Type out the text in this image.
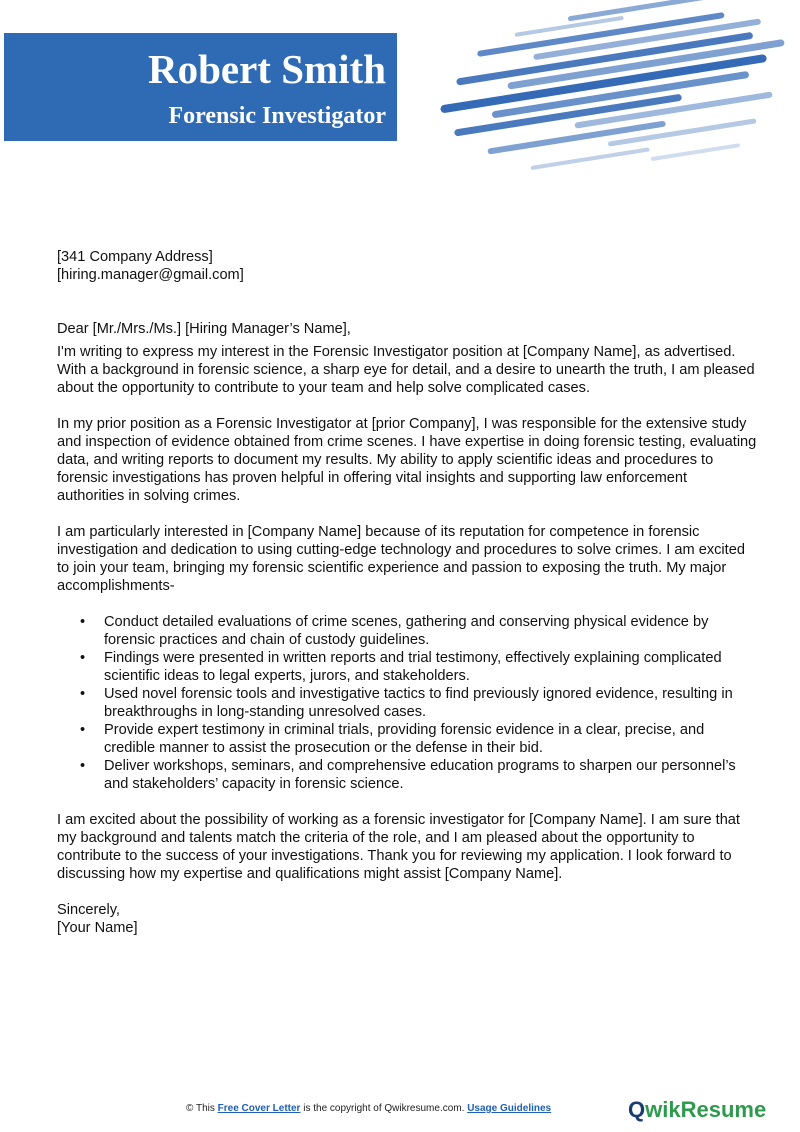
Robert Smith
Forensic Investigator

[341 Company Address]
[hiring.manager@gmail.com]

Dear [Mr./Mrs./Ms.] [Hiring Manager’s Name],

I'm writing to express my interest in the Forensic Investigator position at [Company Name], as advertised. With a background in forensic science, a sharp eye for detail, and a desire to unearth the truth, I am pleased about the opportunity to contribute to your team and help solve complicated cases.

In my prior position as a Forensic Investigator at [prior Company], I was responsible for the extensive study and inspection of evidence obtained from crime scenes. I have expertise in doing forensic testing, evaluating data, and writing reports to document my results. My ability to apply scientific ideas and procedures to forensic investigations has proven helpful in offering vital insights and supporting law enforcement authorities in solving crimes.

I am particularly interested in [Company Name] because of its reputation for competence in forensic investigation and dedication to using cutting-edge technology and procedures to solve crimes. I am excited to join your team, bringing my forensic scientific experience and passion to exposing the truth. My major accomplishments-

• Conduct detailed evaluations of crime scenes, gathering and conserving physical evidence by forensic practices and chain of custody guidelines.
• Findings were presented in written reports and trial testimony, effectively explaining complicated scientific ideas to legal experts, jurors, and stakeholders.
• Used novel forensic tools and investigative tactics to find previously ignored evidence, resulting in breakthroughs in long-standing unresolved cases.
• Provide expert testimony in criminal trials, providing forensic evidence in a clear, precise, and credible manner to assist the prosecution or the defense in their bid.
• Deliver workshops, seminars, and comprehensive education programs to sharpen our personnel’s and stakeholders’ capacity in forensic science.

I am excited about the possibility of working as a forensic investigator for [Company Name]. I am sure that my background and talents match the criteria of the role, and I am pleased about the opportunity to contribute to the success of your investigations. Thank you for reviewing my application. I look forward to discussing how my expertise and qualifications might assist [Company Name].

Sincerely,
[Your Name]

© This Free Cover Letter is the copyright of Qwikresume.com. Usage Guidelines	QwikResume
